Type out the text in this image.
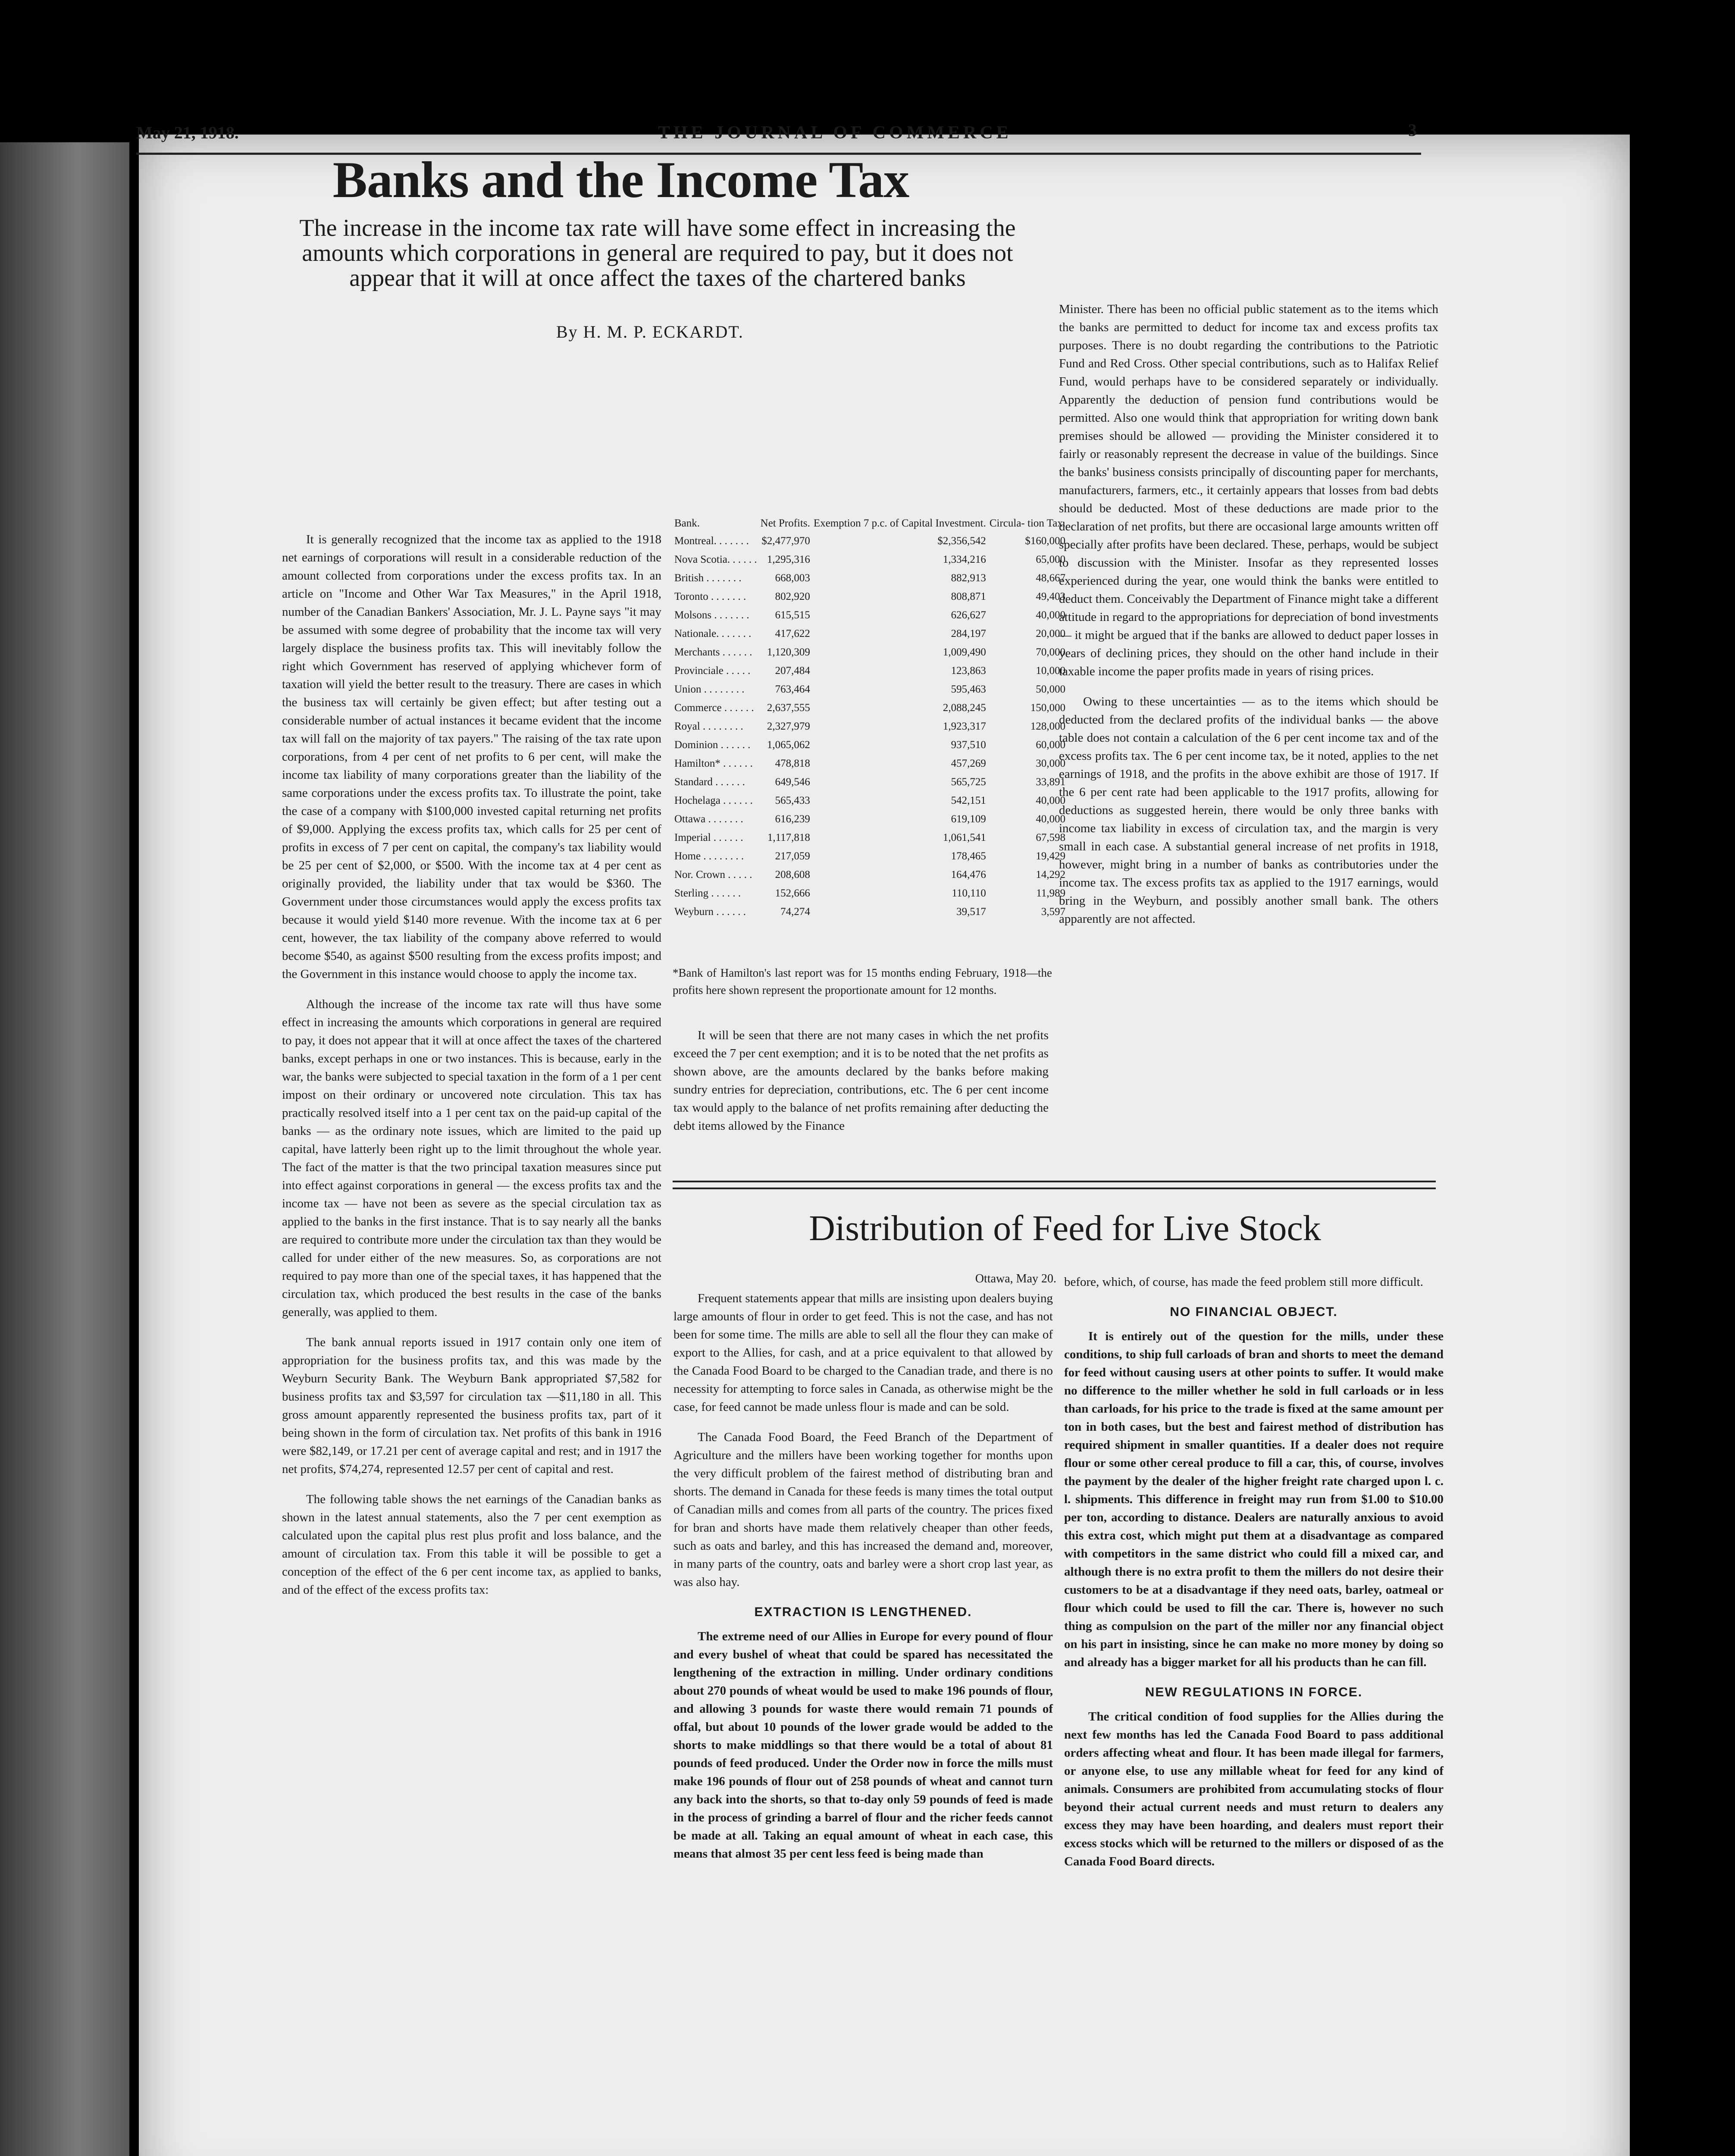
May 21, 1918.	THE JOURNAL OF COMMERCE	3
Banks and the Income Tax
The increase in the income tax rate will have some effect in increasing the amounts which corporations in general are required to pay, but it does not appear that it will at once affect the taxes of the chartered banks
By H. M. P. ECKARDT.

It is generally recognized that the income tax as applied to the 1918 net earnings of corporations will result in a considerable reduction of the amount collected from corporations under the excess profits tax. In an article on "Income and Other War Tax Measures," in the April 1918, number of the Canadian Bankers' Association, Mr. J. L. Payne says "it may be assumed with some degree of probability that the income tax will very largely displace the business profits tax. This will inevitably follow the right which Government has reserved of applying whichever form of taxation will yield the better result to the treasury. There are cases in which the business tax will certainly be given effect; but after testing out a considerable number of actual instances it became evident that the income tax will fall on the majority of tax payers." The raising of the tax rate upon corporations, from 4 per cent of net profits to 6 per cent, will make the income tax liability of many corporations greater than the liability of the same corporations under the excess profits tax. To illustrate the point, take the case of a company with $100,000 invested capital returning net profits of $9,000. Applying the excess profits tax, which calls for 25 per cent of profits in excess of 7 per cent on capital, the company's tax liability would be 25 per cent of $2,000, or $500. With the income tax at 4 per cent as originally provided, the liability under that tax would be $360. The Government under those circumstances would apply the excess profits tax because it would yield $140 more revenue. With the income tax at 6 per cent, however, the tax liability of the company above referred to would become $540, as against $500 resulting from the excess profits impost; and the Government in this instance would choose to apply the income tax.

Although the increase of the income tax rate will thus have some effect in increasing the amounts which corporations in general are required to pay, it does not appear that it will at once affect the taxes of the chartered banks, except perhaps in one or two instances. This is because, early in the war, the banks were subjected to special taxation in the form of a 1 per cent impost on their ordinary or uncovered note circulation. This tax has practically resolved itself into a 1 per cent tax on the paid-up capital of the banks — as the ordinary note issues, which are limited to the paid up capital, have latterly been right up to the limit throughout the whole year. The fact of the matter is that the two principal taxation measures since put into effect against corporations in general — the excess profits tax and the income tax — have not been as severe as the special circulation tax as applied to the banks in the first instance. That is to say nearly all the banks are required to contribute more under the circulation tax than they would be called for under either of the new measures. So, as corporations are not required to pay more than one of the special taxes, it has happened that the circulation tax, which produced the best results in the case of the banks generally, was applied to them.

The bank annual reports issued in 1917 contain only one item of appropriation for the business profits tax, and this was made by the Weyburn Security Bank. The Weyburn Bank appropriated $7,582 for business profits tax and $3,597 for circulation tax —$11,180 in all. This gross amount apparently represented the business profits tax, part of it being shown in the form of circulation tax. Net profits of this bank in 1916 were $82,149, or 17.21 per cent of average capital and rest; and in 1917 the net profits, $74,274, represented 12.57 per cent of capital and rest.

The following table shows the net earnings of the Canadian banks as shown in the latest annual statements, also the 7 per cent exemption as calculated upon the capital plus rest plus profit and loss balance, and the amount of circulation tax. From this table it will be possible to get a conception of the effect of the 6 per cent income tax, as applied to banks, and of the effect of the excess profits tax:

Bank.	Net Profits.	Exemption 7 p.c. of Capital Investment.	Circula- tion Tax.
Montreal. . . . . . .	$2,477,970	$2,356,542	$160,000
Nova Scotia. . . . . .	1,295,316	1,334,216	65,000
British . . . . . . .	668,003	882,913	48,667
Toronto . . . . . . .	802,920	808,871	49,403
Molsons . . . . . . .	615,515	626,627	40,000
Nationale. . . . . . .	417,622	284,197	20,000
Merchants . . . . . .	1,120,309	1,009,490	70,000
Provinciale . . . . .	207,484	123,863	10,000
Union . . . . . . . .	763,464	595,463	50,000
Commerce . . . . . .	2,637,555	2,088,245	150,000
Royal . . . . . . . .	2,327,979	1,923,317	128,000
Dominion . . . . . .	1,065,062	937,510	60,000
Hamilton* . . . . . .	478,818	457,269	30,000
Standard . . . . . .	649,546	565,725	33,891
Hochelaga . . . . . .	565,433	542,151	40,000
Ottawa . . . . . . .	616,239	619,109	40,000
Imperial . . . . . .	1,117,818	1,061,541	67,598
Home . . . . . . . .	217,059	178,465	19,429
Nor. Crown . . . . .	208,608	164,476	14,292
Sterling . . . . . .	152,666	110,110	11,989
Weyburn . . . . . .	74,274	39,517	3,597
*Bank of Hamilton's last report was for 15 months ending February, 1918—the profits here shown represent the proportionate amount for 12 months.

It will be seen that there are not many cases in which the net profits exceed the 7 per cent exemption; and it is to be noted that the net profits as shown above, are the amounts declared by the banks before making sundry entries for depreciation, contributions, etc. The 6 per cent income tax would apply to the balance of net profits remaining after deducting the debt items allowed by the Finance

Minister. There has been no official public statement as to the items which the banks are permitted to deduct for income tax and excess profits tax purposes. There is no doubt regarding the contributions to the Patriotic Fund and Red Cross. Other special contributions, such as to Halifax Relief Fund, would perhaps have to be considered separately or individually. Apparently the deduction of pension fund contributions would be permitted. Also one would think that appropriation for writing down bank premises should be allowed — providing the Minister considered it to fairly or reasonably represent the decrease in value of the buildings. Since the banks' business consists principally of discounting paper for merchants, manufacturers, farmers, etc., it certainly appears that losses from bad debts should be deducted. Most of these deductions are made prior to the declaration of net profits, but there are occasional large amounts written off specially after profits have been declared. These, perhaps, would be subject to discussion with the Minister. Insofar as they represented losses experienced during the year, one would think the banks were entitled to deduct them. Conceivably the Department of Finance might take a different attitude in regard to the appropriations for depreciation of bond investments — it might be argued that if the banks are allowed to deduct paper losses in years of declining prices, they should on the other hand include in their taxable income the paper profits made in years of rising prices.

Owing to these uncertainties — as to the items which should be deducted from the declared profits of the individual banks — the above table does not contain a calculation of the 6 per cent income tax and of the excess profits tax. The 6 per cent income tax, be it noted, applies to the net earnings of 1918, and the profits in the above exhibit are those of 1917. If the 6 per cent rate had been applicable to the 1917 profits, allowing for deductions as suggested herein, there would be only three banks with income tax liability in excess of circulation tax, and the margin is very small in each case. A substantial general increase of net profits in 1918, however, might bring in a number of banks as contributories under the income tax. The excess profits tax as applied to the 1917 earnings, would bring in the Weyburn, and possibly another small bank. The others apparently are not affected.

Distribution of Feed for Live Stock
Ottawa, May 20.

Frequent statements appear that mills are insisting upon dealers buying large amounts of flour in order to get feed. This is not the case, and has not been for some time. The mills are able to sell all the flour they can make of export to the Allies, for cash, and at a price equivalent to that allowed by the Canada Food Board to be charged to the Canadian trade, and there is no necessity for attempting to force sales in Canada, as otherwise might be the case, for feed cannot be made unless flour is made and can be sold.

The Canada Food Board, the Feed Branch of the Department of Agriculture and the millers have been working together for months upon the very difficult problem of the fairest method of distributing bran and shorts. The demand in Canada for these feeds is many times the total output of Canadian mills and comes from all parts of the country. The prices fixed for bran and shorts have made them relatively cheaper than other feeds, such as oats and barley, and this has increased the demand and, moreover, in many parts of the country, oats and barley were a short crop last year, as was also hay.

EXTRACTION IS LENGTHENED.

The extreme need of our Allies in Europe for every pound of flour and every bushel of wheat that could be spared has necessitated the lengthening of the extraction in milling. Under ordinary conditions about 270 pounds of wheat would be used to make 196 pounds of flour, and allowing 3 pounds for waste there would remain 71 pounds of offal, but about 10 pounds of the lower grade would be added to the shorts to make middlings so that there would be a total of about 81 pounds of feed produced. Under the Order now in force the mills must make 196 pounds of flour out of 258 pounds of wheat and cannot turn any back into the shorts, so that to-day only 59 pounds of feed is made in the process of grinding a barrel of flour and the richer feeds cannot be made at all. Taking an equal amount of wheat in each case, this means that almost 35 per cent less feed is being made than

before, which, of course, has made the feed problem still more difficult.

NO FINANCIAL OBJECT.

It is entirely out of the question for the mills, under these conditions, to ship full carloads of bran and shorts to meet the demand for feed without causing users at other points to suffer. It would make no difference to the miller whether he sold in full carloads or in less than carloads, for his price to the trade is fixed at the same amount per ton in both cases, but the best and fairest method of distribution has required shipment in smaller quantities. If a dealer does not require flour or some other cereal produce to fill a car, this, of course, involves the payment by the dealer of the higher freight rate charged upon l. c. l. shipments. This difference in freight may run from $1.00 to $10.00 per ton, according to distance. Dealers are naturally anxious to avoid this extra cost, which might put them at a disadvantage as compared with competitors in the same district who could fill a mixed car, and although there is no extra profit to them the millers do not desire their customers to be at a disadvantage if they need oats, barley, oatmeal or flour which could be used to fill the car. There is, however no such thing as compulsion on the part of the miller nor any financial object on his part in insisting, since he can make no more money by doing so and already has a bigger market for all his products than he can fill.

NEW REGULATIONS IN FORCE.

The critical condition of food supplies for the Allies during the next few months has led the Canada Food Board to pass additional orders affecting wheat and flour. It has been made illegal for farmers, or anyone else, to use any millable wheat for feed for any kind of animals. Consumers are prohibited from accumulating stocks of flour beyond their actual current needs and must return to dealers any excess they may have been hoarding, and dealers must report their excess stocks which will be returned to the millers or disposed of as the Canada Food Board directs.
